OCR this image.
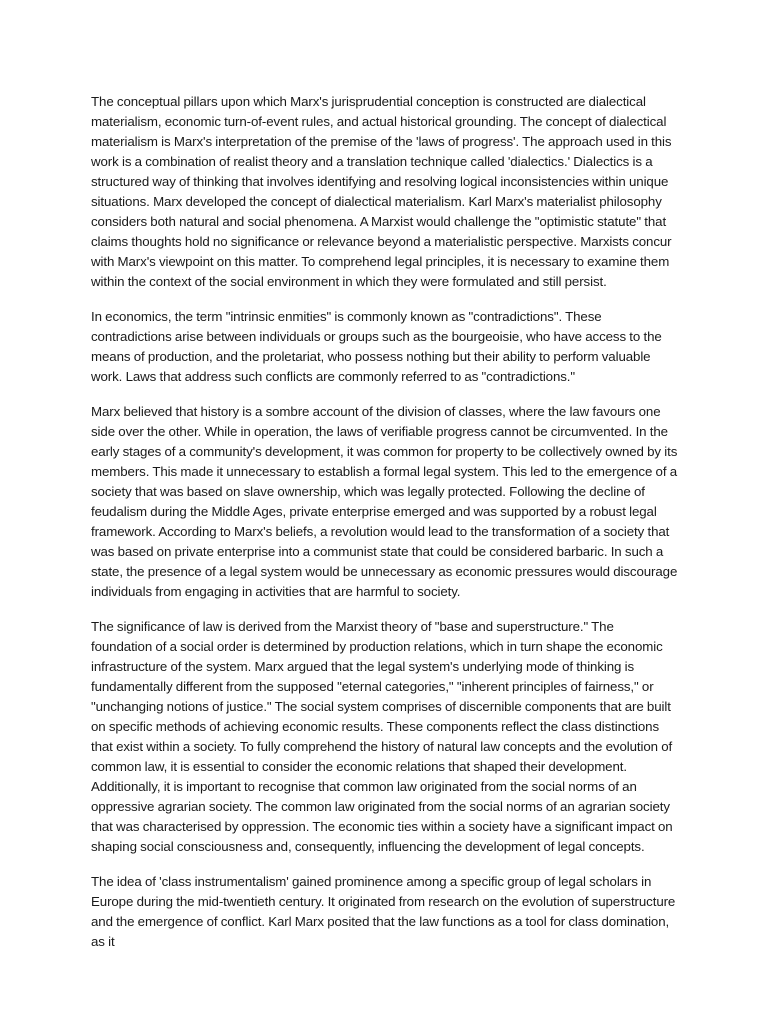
The conceptual pillars upon which Marx's jurisprudential conception is constructed are dialectical materialism, economic turn-of-event rules, and actual historical grounding. The concept of dialectical materialism is Marx's interpretation of the premise of the 'laws of progress'. The approach used in this work is a combination of realist theory and a translation technique called 'dialectics.' Dialectics is a structured way of thinking that involves identifying and resolving logical inconsistencies within unique situations. Marx developed the concept of dialectical materialism. Karl Marx's materialist philosophy considers both natural and social phenomena. A Marxist would challenge the "optimistic statute" that claims thoughts hold no significance or relevance beyond a materialistic perspective. Marxists concur with Marx's viewpoint on this matter. To comprehend legal principles, it is necessary to examine them within the context of the social environment in which they were formulated and still persist.

In economics, the term "intrinsic enmities" is commonly known as "contradictions". These contradictions arise between individuals or groups such as the bourgeoisie, who have access to the means of production, and the proletariat, who possess nothing but their ability to perform valuable work. Laws that address such conflicts are commonly referred to as "contradictions."

Marx believed that history is a sombre account of the division of classes, where the law favours one side over the other. While in operation, the laws of verifiable progress cannot be circumvented. In the early stages of a community's development, it was common for property to be collectively owned by its members. This made it unnecessary to establish a formal legal system. This led to the emergence of a society that was based on slave ownership, which was legally protected. Following the decline of feudalism during the Middle Ages, private enterprise emerged and was supported by a robust legal framework. According to Marx's beliefs, a revolution would lead to the transformation of a society that was based on private enterprise into a communist state that could be considered barbaric. In such a state, the presence of a legal system would be unnecessary as economic pressures would discourage individuals from engaging in activities that are harmful to society.

The significance of law is derived from the Marxist theory of "base and superstructure." The foundation of a social order is determined by production relations, which in turn shape the economic infrastructure of the system. Marx argued that the legal system's underlying mode of thinking is fundamentally different from the supposed "eternal categories," "inherent principles of fairness," or "unchanging notions of justice." The social system comprises of discernible components that are built on specific methods of achieving economic results. These components reflect the class distinctions that exist within a society. To fully comprehend the history of natural law concepts and the evolution of common law, it is essential to consider the economic relations that shaped their development. Additionally, it is important to recognise that common law originated from the social norms of an oppressive agrarian society. The common law originated from the social norms of an agrarian society that was characterised by oppression. The economic ties within a society have a significant impact on shaping social consciousness and, consequently, influencing the development of legal concepts.

The idea of 'class instrumentalism' gained prominence among a specific group of legal scholars in Europe during the mid-twentieth century. It originated from research on the evolution of superstructure and the emergence of conflict. Karl Marx posited that the law functions as a tool for class domination, as it
